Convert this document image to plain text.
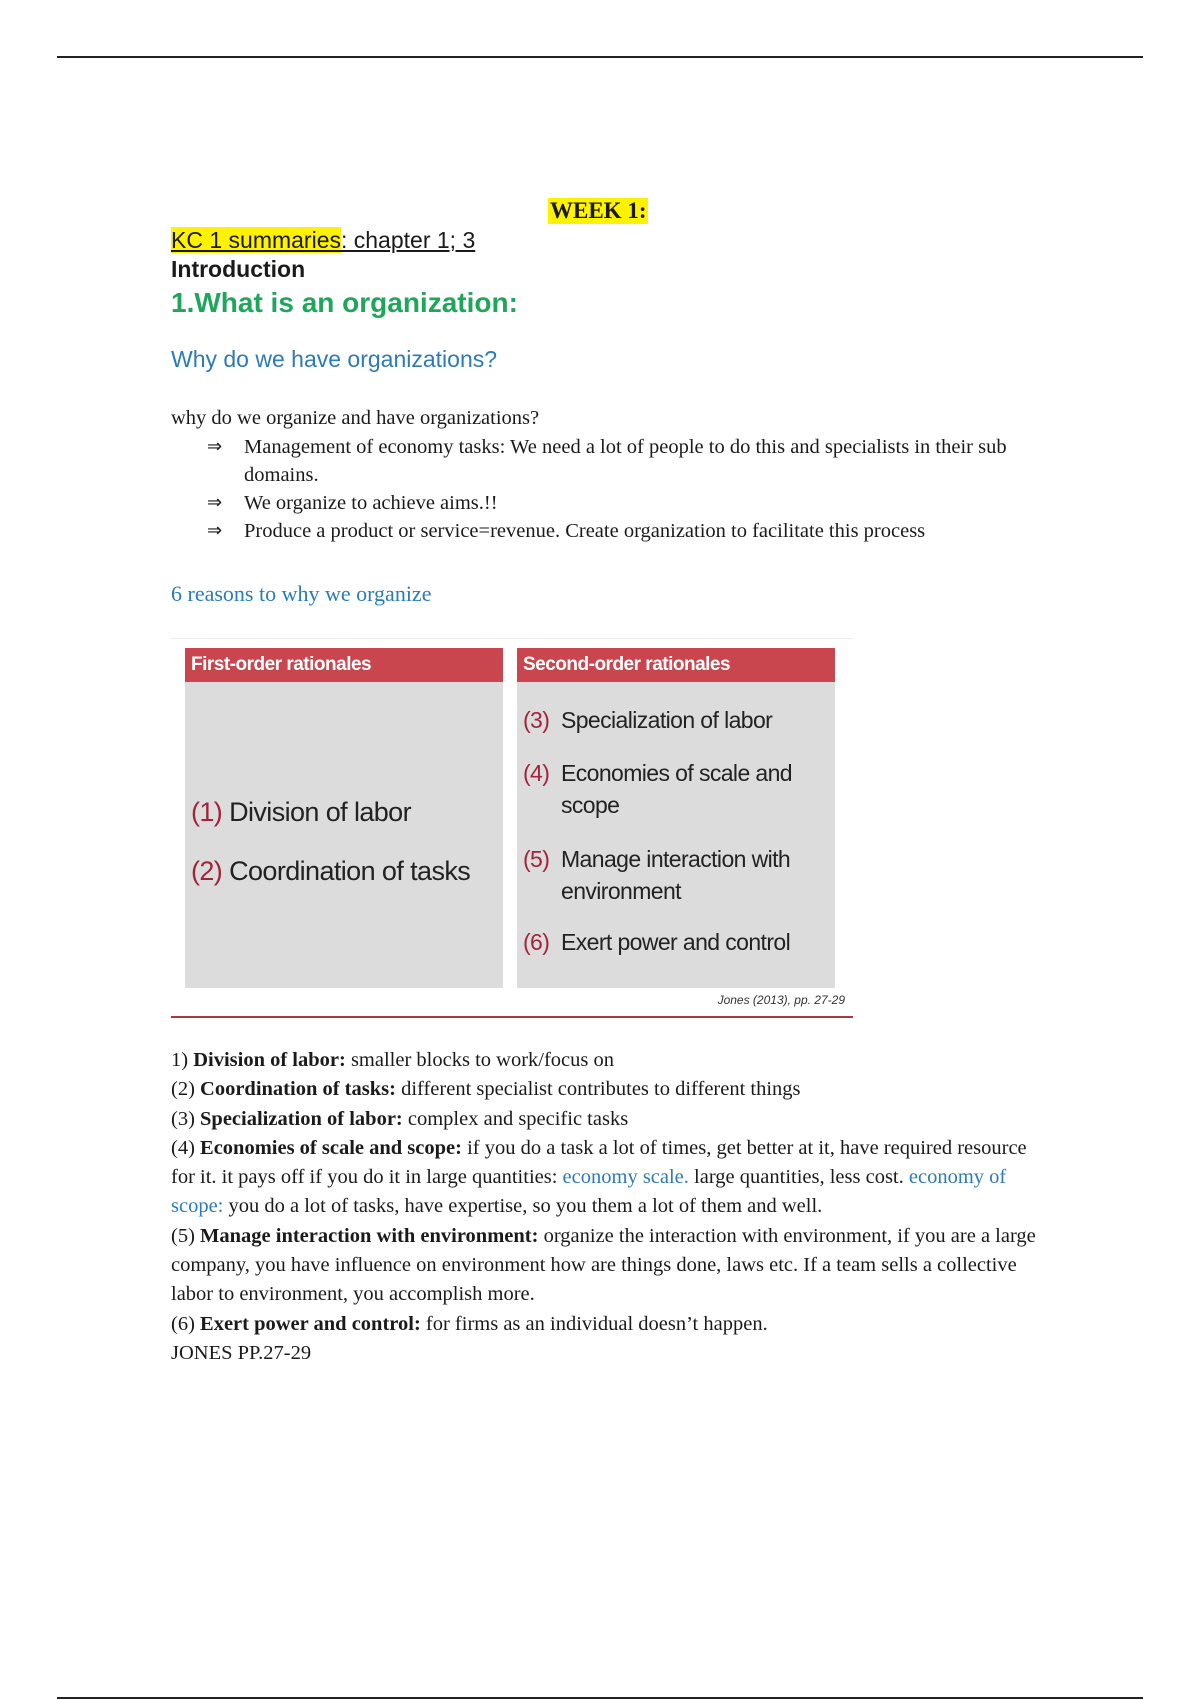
WEEK 1:
KC 1 summaries: chapter 1; 3
Introduction
1.What is an organization:
Why do we have organizations?
why do we organize and have organizations?
⇒ Management of economy tasks: We need a lot of people to do this and specialists in their sub domains.
⇒ We organize to achieve aims.!!
⇒ Produce a product or service=revenue. Create organization to facilitate this process
6 reasons to why we organize
First-order rationales
(1) Division of labor
(2) Coordination of tasks
Second-order rationales
(3) Specialization of labor
(4) Economies of scale and scope
(5) Manage interaction with environment
(6) Exert power and control
Jones (2013), pp. 27-29

1) Division of labor: smaller blocks to work/focus on

(2) Coordination of tasks: different specialist contributes to different things

(3) Specialization of labor: complex and specific tasks

(4) Economies of scale and scope: if you do a task a lot of times, get better at it, have required resource for it. it pays off if you do it in large quantities: economy scale. large quantities, less cost. economy of scope: you do a lot of tasks, have expertise, so you them a lot of them and well.

(5) Manage interaction with environment: organize the interaction with environment, if you are a large company, you have influence on environment how are things done, laws etc. If a team sells a collective labor to environment, you accomplish more.

(6) Exert power and control: for firms as an individual doesn’t happen.

JONES PP.27-29
